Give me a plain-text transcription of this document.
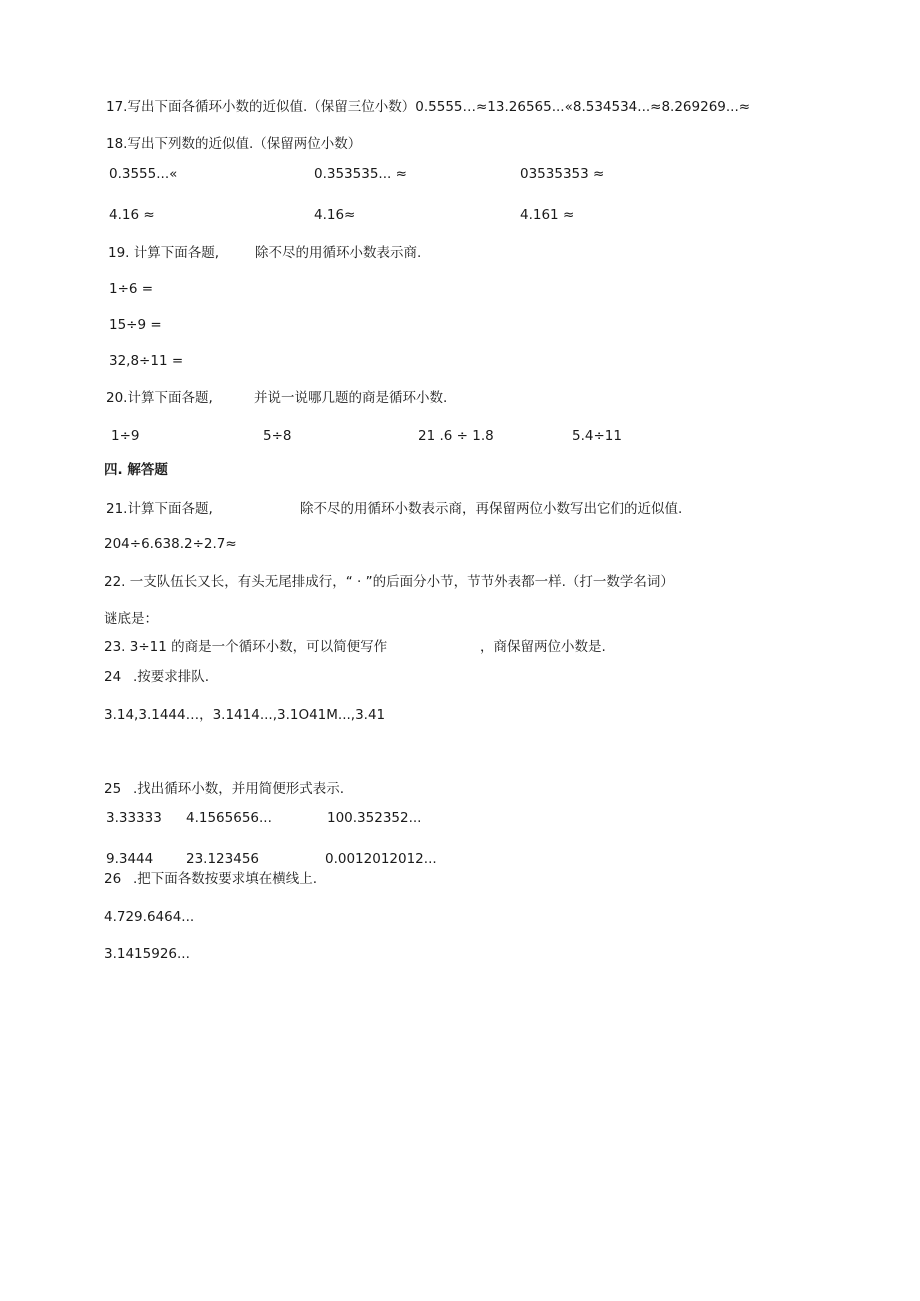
17.写出下面各循环小数的近似值.（保留三位小数）0.5555…≈13.26565...«8.534534...≈8.269269...≈
18.写出下列数的近似值.（保留两位小数）
0.3555...«	0.353535... ≈	03535353 ≈
4.16 ≈	4.16≈	4.161 ≈
19. 计算下面各题,	除不尽的用循环小数表示商.
1÷6 =
15÷9 =
32,8÷11 =
20.计算下面各题,	并说一说哪几题的商是循环小数.
1÷9	5÷8	21 .6 ÷ 1.8	5.4÷11
四. 解答题
21.计算下面各题,	除不尽的用循环小数表示商，再保留两位小数写出它们的近似值.
204÷6.638.2÷2.7≈
22. 一支队伍长又长，有头无尾排成行，“ · ”的后面分小节，节节外表都一样.（打一数学名词）
谜底是：
23. 3÷11 的商是一个循环小数，可以简便写作	，商保留两位小数是.
24 .按要求排队.
3.14,3.1444…，3.1414...,3.1O41M...,3.41
25 .找出循环小数，并用简便形式表示.
3.33333 4.1565656...	100.352352...
9.3444 23.123456	0.0012012012...
26 .把下面各数按要求填在横线上.
4.729.6464...
3.1415926...
